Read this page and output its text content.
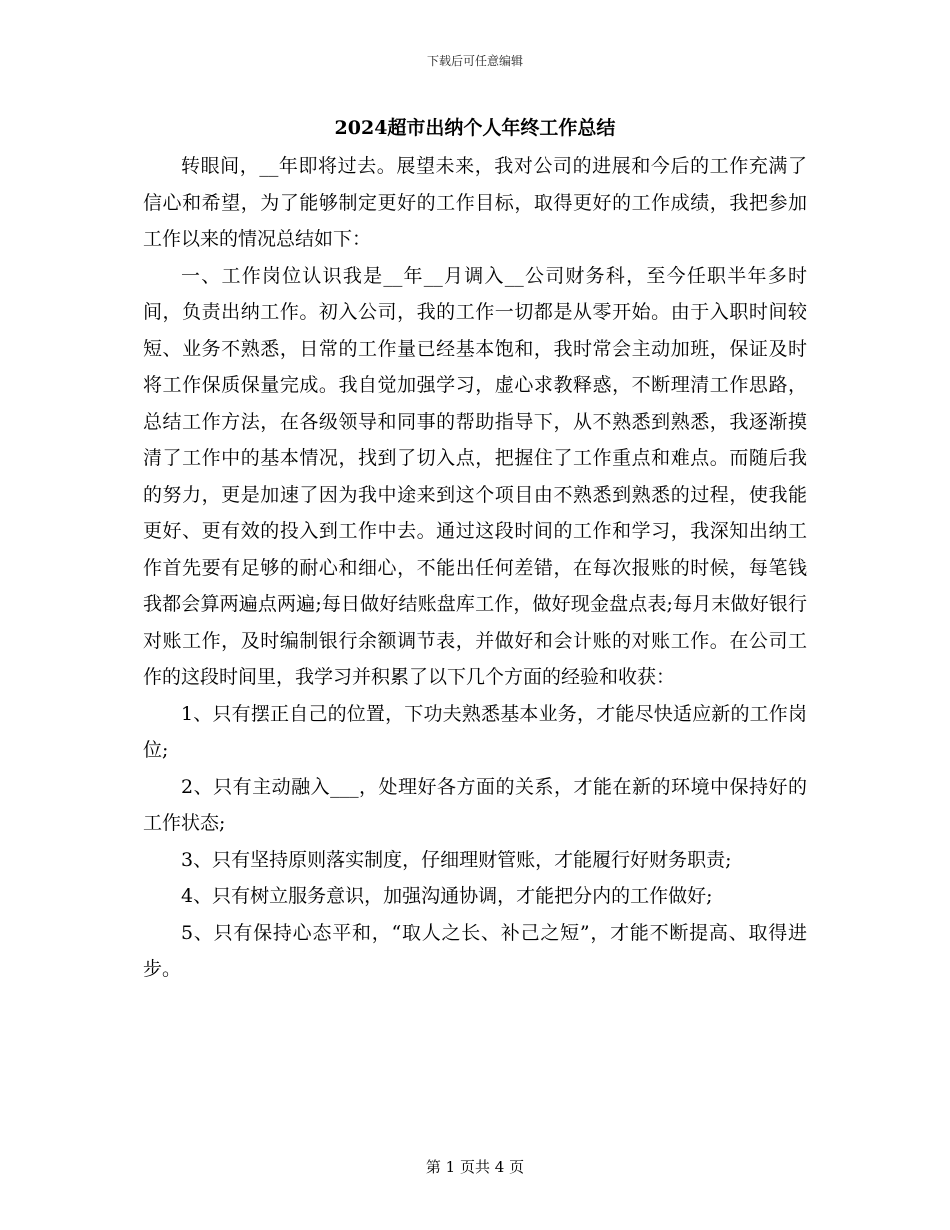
下载后可任意编辑
2024超市出纳个人年终工作总结

转眼间，__年即将过去。展望未来，我对公司的进展和今后的工作充满了信心和希望，为了能够制定更好的工作目标，取得更好的工作成绩，我把参加工作以来的情况总结如下：

一、工作岗位认识我是__年__月调入__公司财务科，至今任职半年多时间，负责出纳工作。初入公司，我的工作一切都是从零开始。由于入职时间较短、业务不熟悉，日常的工作量已经基本饱和，我时常会主动加班，保证及时将工作保质保量完成。我自觉加强学习，虚心求教释惑，不断理清工作思路，总结工作方法，在各级领导和同事的帮助指导下，从不熟悉到熟悉，我逐渐摸清了工作中的基本情况，找到了切入点，把握住了工作重点和难点。而随后我的努力，更是加速了因为我中途来到这个项目由不熟悉到熟悉的过程，使我能更好、更有效的投入到工作中去。通过这段时间的工作和学习，我深知出纳工作首先要有足够的耐心和细心，不能出任何差错，在每次报账的时候，每笔钱我都会算两遍点两遍;每日做好结账盘库工作，做好现金盘点表;每月末做好银行对账工作，及时编制银行余额调节表，并做好和会计账的对账工作。在公司工作的这段时间里，我学习并积累了以下几个方面的经验和收获：

1、只有摆正自己的位置，下功夫熟悉基本业务，才能尽快适应新的工作岗位;

2、只有主动融入___，处理好各方面的关系，才能在新的环境中保持好的工作状态;

3、只有坚持原则落实制度，仔细理财管账，才能履行好财务职责;

4、只有树立服务意识，加强沟通协调，才能把分内的工作做好;

5、只有保持心态平和，“取人之长、补己之短”，才能不断提高、取得进步。

第 1 页共 4 页
